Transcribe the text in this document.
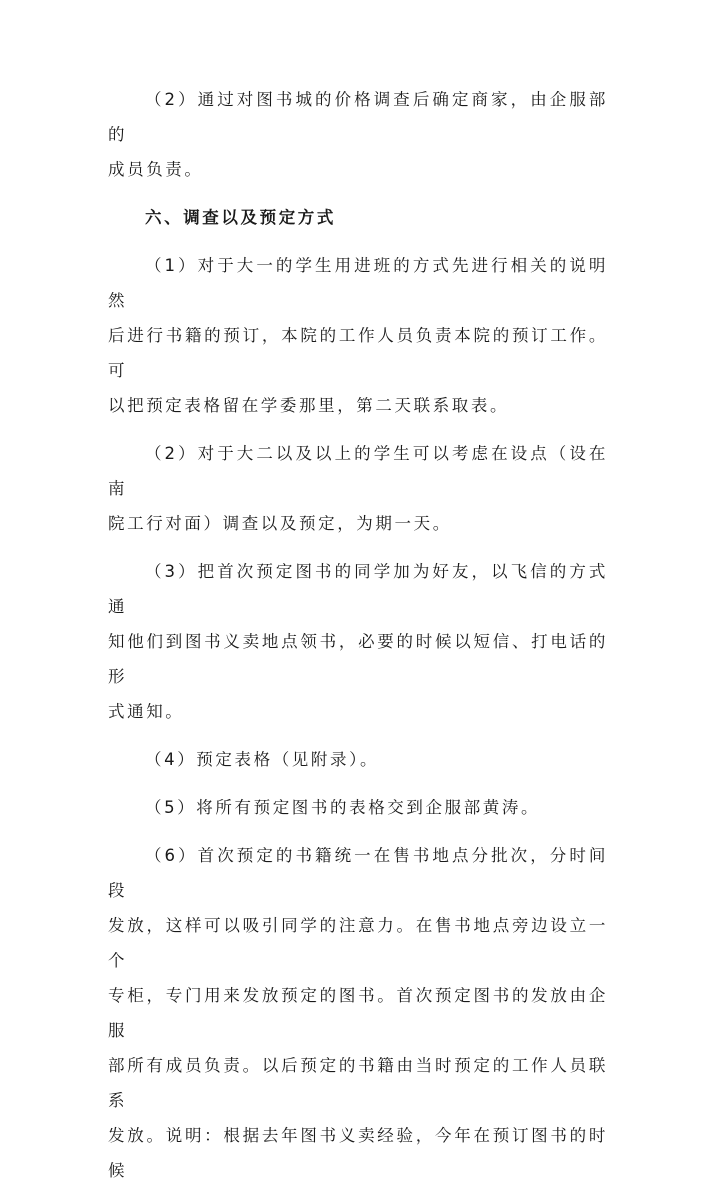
（2）通过对图书城的价格调查后确定商家，由企服部的
成员负责。

六、调查以及预定方式

（1）对于大一的学生用进班的方式先进行相关的说明然
后进行书籍的预订，本院的工作人员负责本院的预订工作。可
以把预定表格留在学委那里，第二天联系取表。

（2）对于大二以及以上的学生可以考虑在设点（设在南
院工行对面）调查以及预定，为期一天。

（3）把首次预定图书的同学加为好友，以飞信的方式通
知他们到图书义卖地点领书，必要的时候以短信、打电话的形
式通知。

（4）预定表格（见附录）。

（5）将所有预定图书的表格交到企服部黄涛。

（6）首次预定的书籍统一在售书地点分批次，分时间段
发放，这样可以吸引同学的注意力。在售书地点旁边设立一个
专柜，专门用来发放预定的图书。首次预定图书的发放由企服
部所有成员负责。以后预定的书籍由当时预定的工作人员联系
发放。说明：根据去年图书义卖经验，今年在预订图书的时候
